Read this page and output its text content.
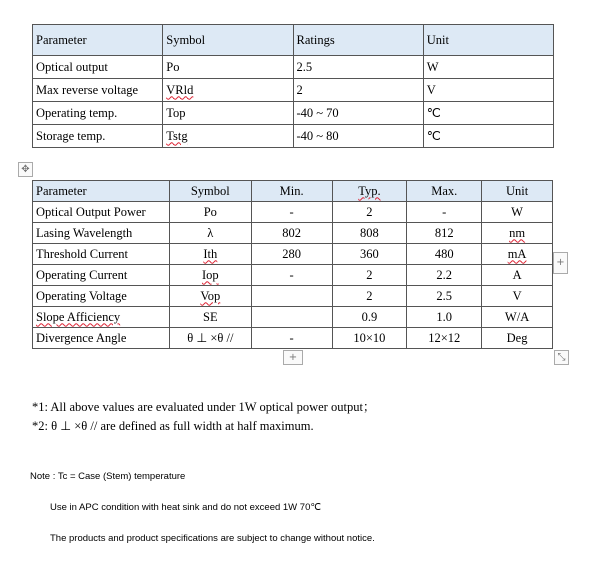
Parameter	Symbol	Ratings	Unit
Optical output	Po	2.5	W
Max reverse voltage	VRld	2	V
Operating temp.	Top	-40 ~ 70	℃
Storage temp.	Tstg	-40 ~ 80	℃
✥
Parameter	Symbol	Min.	Typ.	Max.	Unit
Optical Output Power	Po	-	2	-	W
Lasing Wavelength	λ	802	808	812	nm
Threshold Current	Ith	280	360	480	mA
Operating Current	Iop	-	2	2.2	A
Operating Voltage	Vop		2	2.5	V
Slope Afficiency	SE		0.9	1.0	W/A
Divergence Angle	θ ⊥ ×θ //	-	10×10	12×12	Deg
+
+	⤡
*1: All above values are evaluated under 1W optical power output；
*2: θ ⊥ ×θ // are defined as full width at half maximum.
Note : Tc = Case (Stem) temperature
Use in APC condition with heat sink and do not exceed 1W 70℃
The products and product specifications are subject to change without notice.
